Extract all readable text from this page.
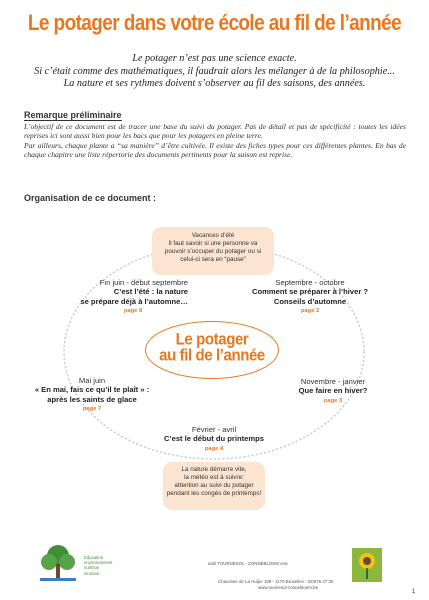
Le potager dans votre école au fil de l’année
Le potager n’est pas une science exacte.
Si c’était comme des mathématiques, il faudrait alors les mélanger à de la philosophie...
La nature et ses rythmes doivent s’observer au fil des saisons, des années.
Remarque préliminaire

L’objectif de ce document est de tracer une base du suivi du potager. Pas de détail et pas de spécificité : toutes les idées reprises ici sont aussi bien pour les bacs que pour les potagers en pleine terre.

Par ailleurs, chaque plante a “sa manière” d’être cultivée. Il existe des fiches types pour ces différentes plantes. En bas de chaque chapitre une liste répertorie des documents pertinents pour la saison est reprise.

Organisation de ce document :
Vacances d’été
Il faut savoir si une personne va
pouvoir s’occuper du potager ou si
celui-ci sera en “pause”
Fin juin - début septembre
C’est l’été : la nature
se prépare déjà à l’automne…
page 8
Septembre - octobre
Comment se préparer à l’hiver ?
Conseils d’automne
page 2
Le potager
au fil de l’année
Mai juin
« En mai, fais ce qu’il te plaît » :
après les saints de glace
page 7
Novembre - janvier
Que faire en hiver?
page 3
Février - avril
C’est le début du printemps
page 4
La nature démarre vite,
la météo est à suivre:
attention au suivi du potager
pendant les congés de printemps!
Education
environnement
nutrition
innovati
asbl TOURNESOL - ZONNEBLOEM vzw
Chaussée de La Hulpe 199 - 1170 Bruxelles - 02/675 37 30
www.tournesol-zonnebloem.be
1
